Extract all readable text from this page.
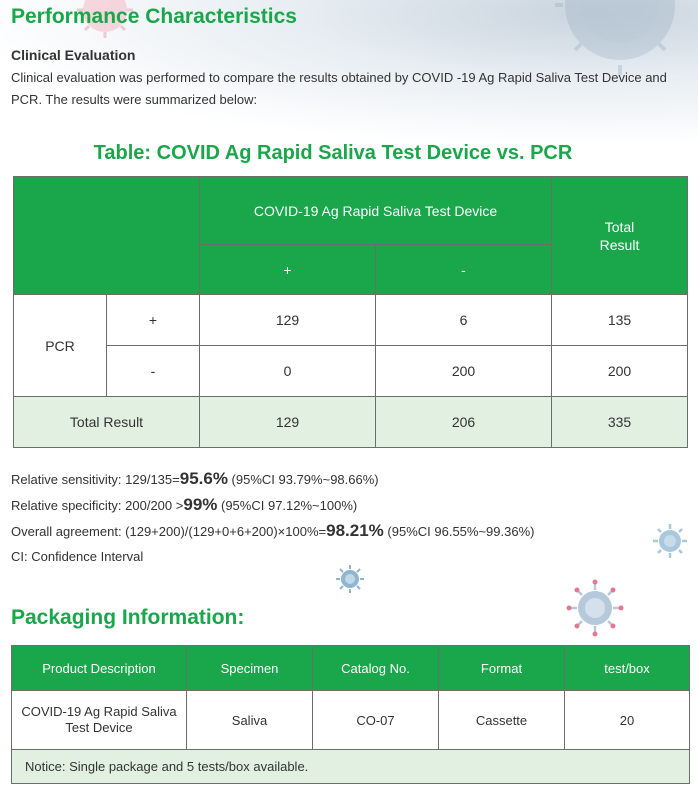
Performance Characteristics

Clinical Evaluation

Clinical evaluation was performed to compare the results obtained by COVID -19 Ag Rapid Saliva Test Device and PCR. The results were summarized below:

Table: COVID Ag Rapid Saliva Test Device vs. PCR
		COVID-19 Ag Rapid Saliva Test Device		Total Result
		+	-	
PCR	+	129	6	135
	-	0	200	200
Total Result		129	206	335

Relative sensitivity: 129/135=95.6% (95%CI 93.79%~98.66%)

Relative specificity: 200/200 >99% (95%CI 97.12%~100%)

Overall agreement: (129+200)/(129+0+6+200)×100%=98.21% (95%CI 96.55%~99.36%)

CI: Confidence Interval

Packaging Information:
Product Description	Specimen	Catalog No.	Format	test/box
COVID-19 Ag Rapid Saliva Test Device	Saliva	CO-07	Cassette	20
Notice: Single package and 5 tests/box available.				
